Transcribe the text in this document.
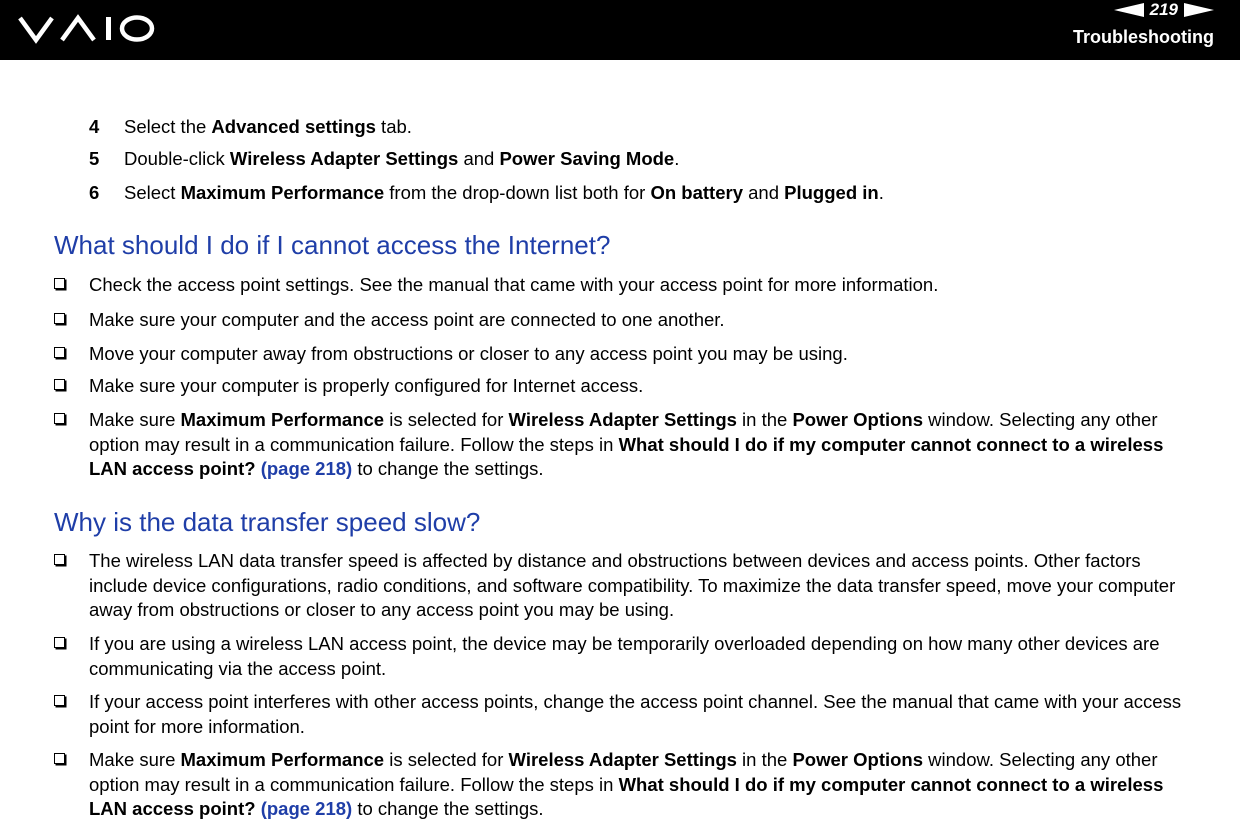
219
Troubleshooting
4 Select the Advanced settings tab.
5 Double-click Wireless Adapter Settings and Power Saving Mode.
6 Select Maximum Performance from the drop-down list both for On battery and Plugged in.
What should I do if I cannot access the Internet?
Check the access point settings. See the manual that came with your access point for more information.
Make sure your computer and the access point are connected to one another.
Move your computer away from obstructions or closer to any access point you may be using.
Make sure your computer is properly configured for Internet access.
Make sure Maximum Performance is selected for Wireless Adapter Settings in the Power Options window. Selecting any other option may result in a communication failure. Follow the steps in What should I do if my computer cannot connect to a wireless LAN access point? (page 218) to change the settings.
Why is the data transfer speed slow?
The wireless LAN data transfer speed is affected by distance and obstructions between devices and access points. Other factors include device configurations, radio conditions, and software compatibility. To maximize the data transfer speed, move your computer away from obstructions or closer to any access point you may be using.
If you are using a wireless LAN access point, the device may be temporarily overloaded depending on how many other devices are communicating via the access point.
If your access point interferes with other access points, change the access point channel. See the manual that came with your access point for more information.
Make sure Maximum Performance is selected for Wireless Adapter Settings in the Power Options window. Selecting any other option may result in a communication failure. Follow the steps in What should I do if my computer cannot connect to a wireless LAN access point? (page 218) to change the settings.
